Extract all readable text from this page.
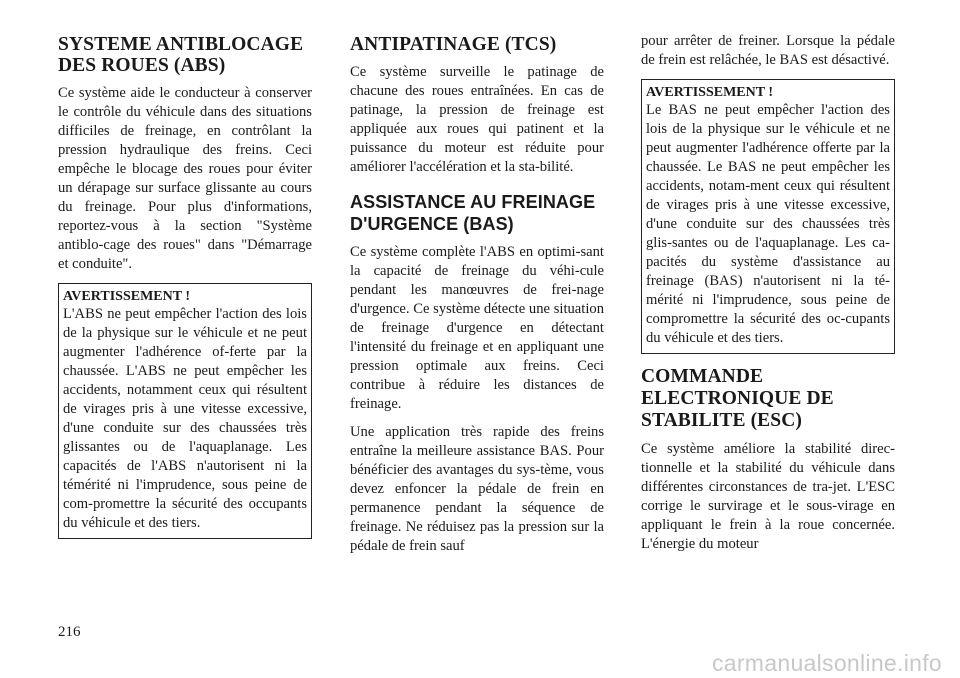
SYSTEME ANTIBLOCAGE DES ROUES (ABS)

Ce système aide le conducteur à conserver le contrôle du véhicule dans des situations difficiles de freinage, en contrôlant la pression hydraulique des freins. Ceci empêche le blocage des roues pour éviter un dérapage sur surface glissante au cours du freinage. Pour plus d'informations, reportez-vous à la section "Système antiblo-cage des roues" dans "Démarrage et conduite".

AVERTISSEMENT !

L'ABS ne peut empêcher l'action des lois de la physique sur le véhicule et ne peut augmenter l'adhérence of-ferte par la chaussée. L'ABS ne peut empêcher les accidents, notamment ceux qui résultent de virages pris à une vitesse excessive, d'une conduite sur des chaussées très glissantes ou de l'aquaplanage. Les capacités de l'ABS n'autorisent ni la témérité ni l'imprudence, sous peine de com-promettre la sécurité des occupants du véhicule et des tiers.

ANTIPATINAGE (TCS)

Ce système surveille le patinage de chacune des roues entraînées. En cas de patinage, la pression de freinage est appliquée aux roues qui patinent et la puissance du moteur est réduite pour améliorer l'accélération et la sta-bilité.

ASSISTANCE AU FREINAGE D'URGENCE (BAS)

Ce système complète l'ABS en optimi-sant la capacité de freinage du véhi-cule pendant les manœuvres de frei-nage d'urgence. Ce système détecte une situation de freinage d'urgence en détectant l'intensité du freinage et en appliquant une pression optimale aux freins. Ceci contribue à réduire les distances de freinage.

Une application très rapide des freins entraîne la meilleure assistance BAS. Pour bénéficier des avantages du sys-tème, vous devez enfoncer la pédale de frein en permanence pendant la séquence de freinage. Ne réduisez pas la pression sur la pédale de frein sauf

pour arrêter de freiner. Lorsque la pédale de frein est relâchée, le BAS est désactivé.

AVERTISSEMENT !

Le BAS ne peut empêcher l'action des lois de la physique sur le véhicule et ne peut augmenter l'adhérence offerte par la chaussée. Le BAS ne peut empêcher les accidents, notam-ment ceux qui résultent de virages pris à une vitesse excessive, d'une conduite sur des chaussées très glis-santes ou de l'aquaplanage. Les ca-pacités du système d'assistance au freinage (BAS) n'autorisent ni la té-mérité ni l'imprudence, sous peine de compromettre la sécurité des oc-cupants du véhicule et des tiers.

COMMANDE ELECTRONIQUE DE STABILITE (ESC)

Ce système améliore la stabilité direc-tionnelle et la stabilité du véhicule dans différentes circonstances de tra-jet. L'ESC corrige le survirage et le sous-virage en appliquant le frein à la roue concernée. L'énergie du moteur

216
carmanualsonline.info
